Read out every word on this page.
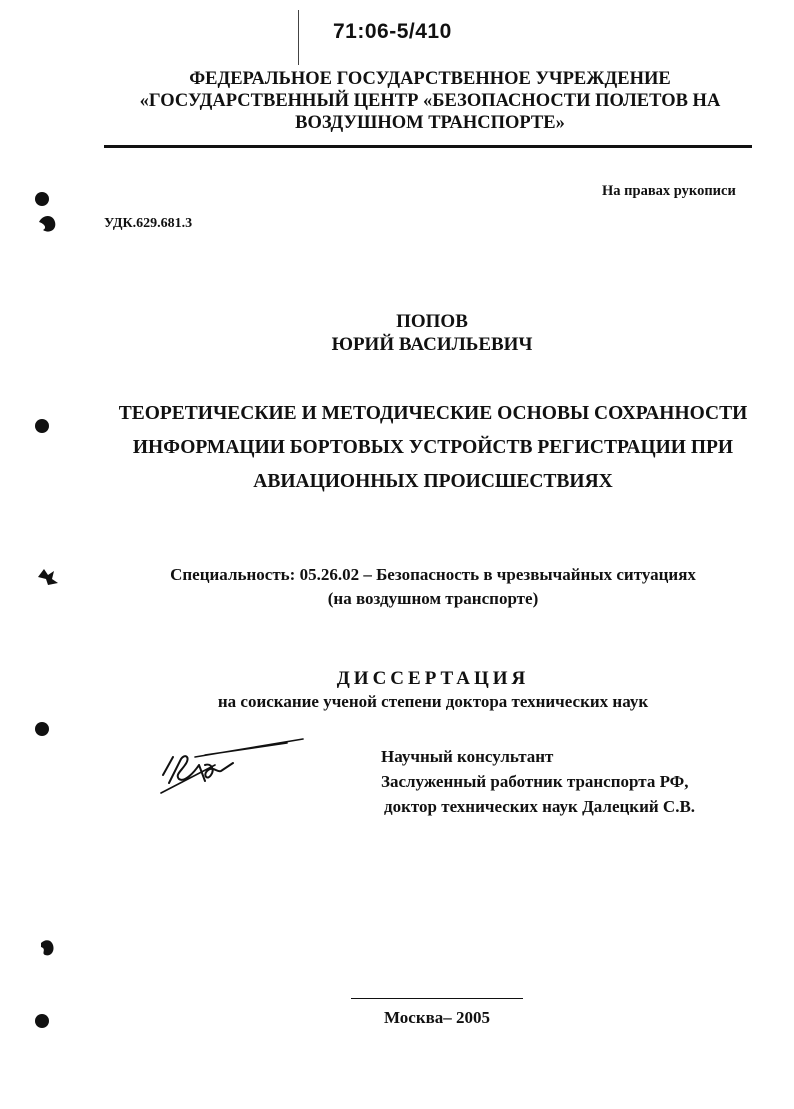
71:06-5/410
ФЕДЕРАЛЬНОЕ ГОСУДАРСТВЕННОЕ УЧРЕЖДЕНИЕ
«ГОСУДАРСТВЕННЫЙ ЦЕНТР «БЕЗОПАСНОСТИ ПОЛЕТОВ НА
ВОЗДУШНОМ ТРАНСПОРТЕ»
На правах рукописи
УДК.629.681.3
ПОПОВ
ЮРИЙ ВАСИЛЬЕВИЧ
ТЕОРЕТИЧЕСКИЕ И МЕТОДИЧЕСКИЕ ОСНОВЫ СОХРАННОСТИ
ИНФОРМАЦИИ БОРТОВЫХ УСТРОЙСТВ РЕГИСТРАЦИИ ПРИ
АВИАЦИОННЫХ ПРОИСШЕСТВИЯХ
Специальность: 05.26.02 – Безопасность в чрезвычайных ситуациях
(на воздушном транспорте)
ДИССЕРТАЦИЯ
на соискание ученой степени доктора технических наук
Научный консультант
Заслуженный работник транспорта РФ,
доктор технических наук Далецкий С.В.
Москва– 2005
